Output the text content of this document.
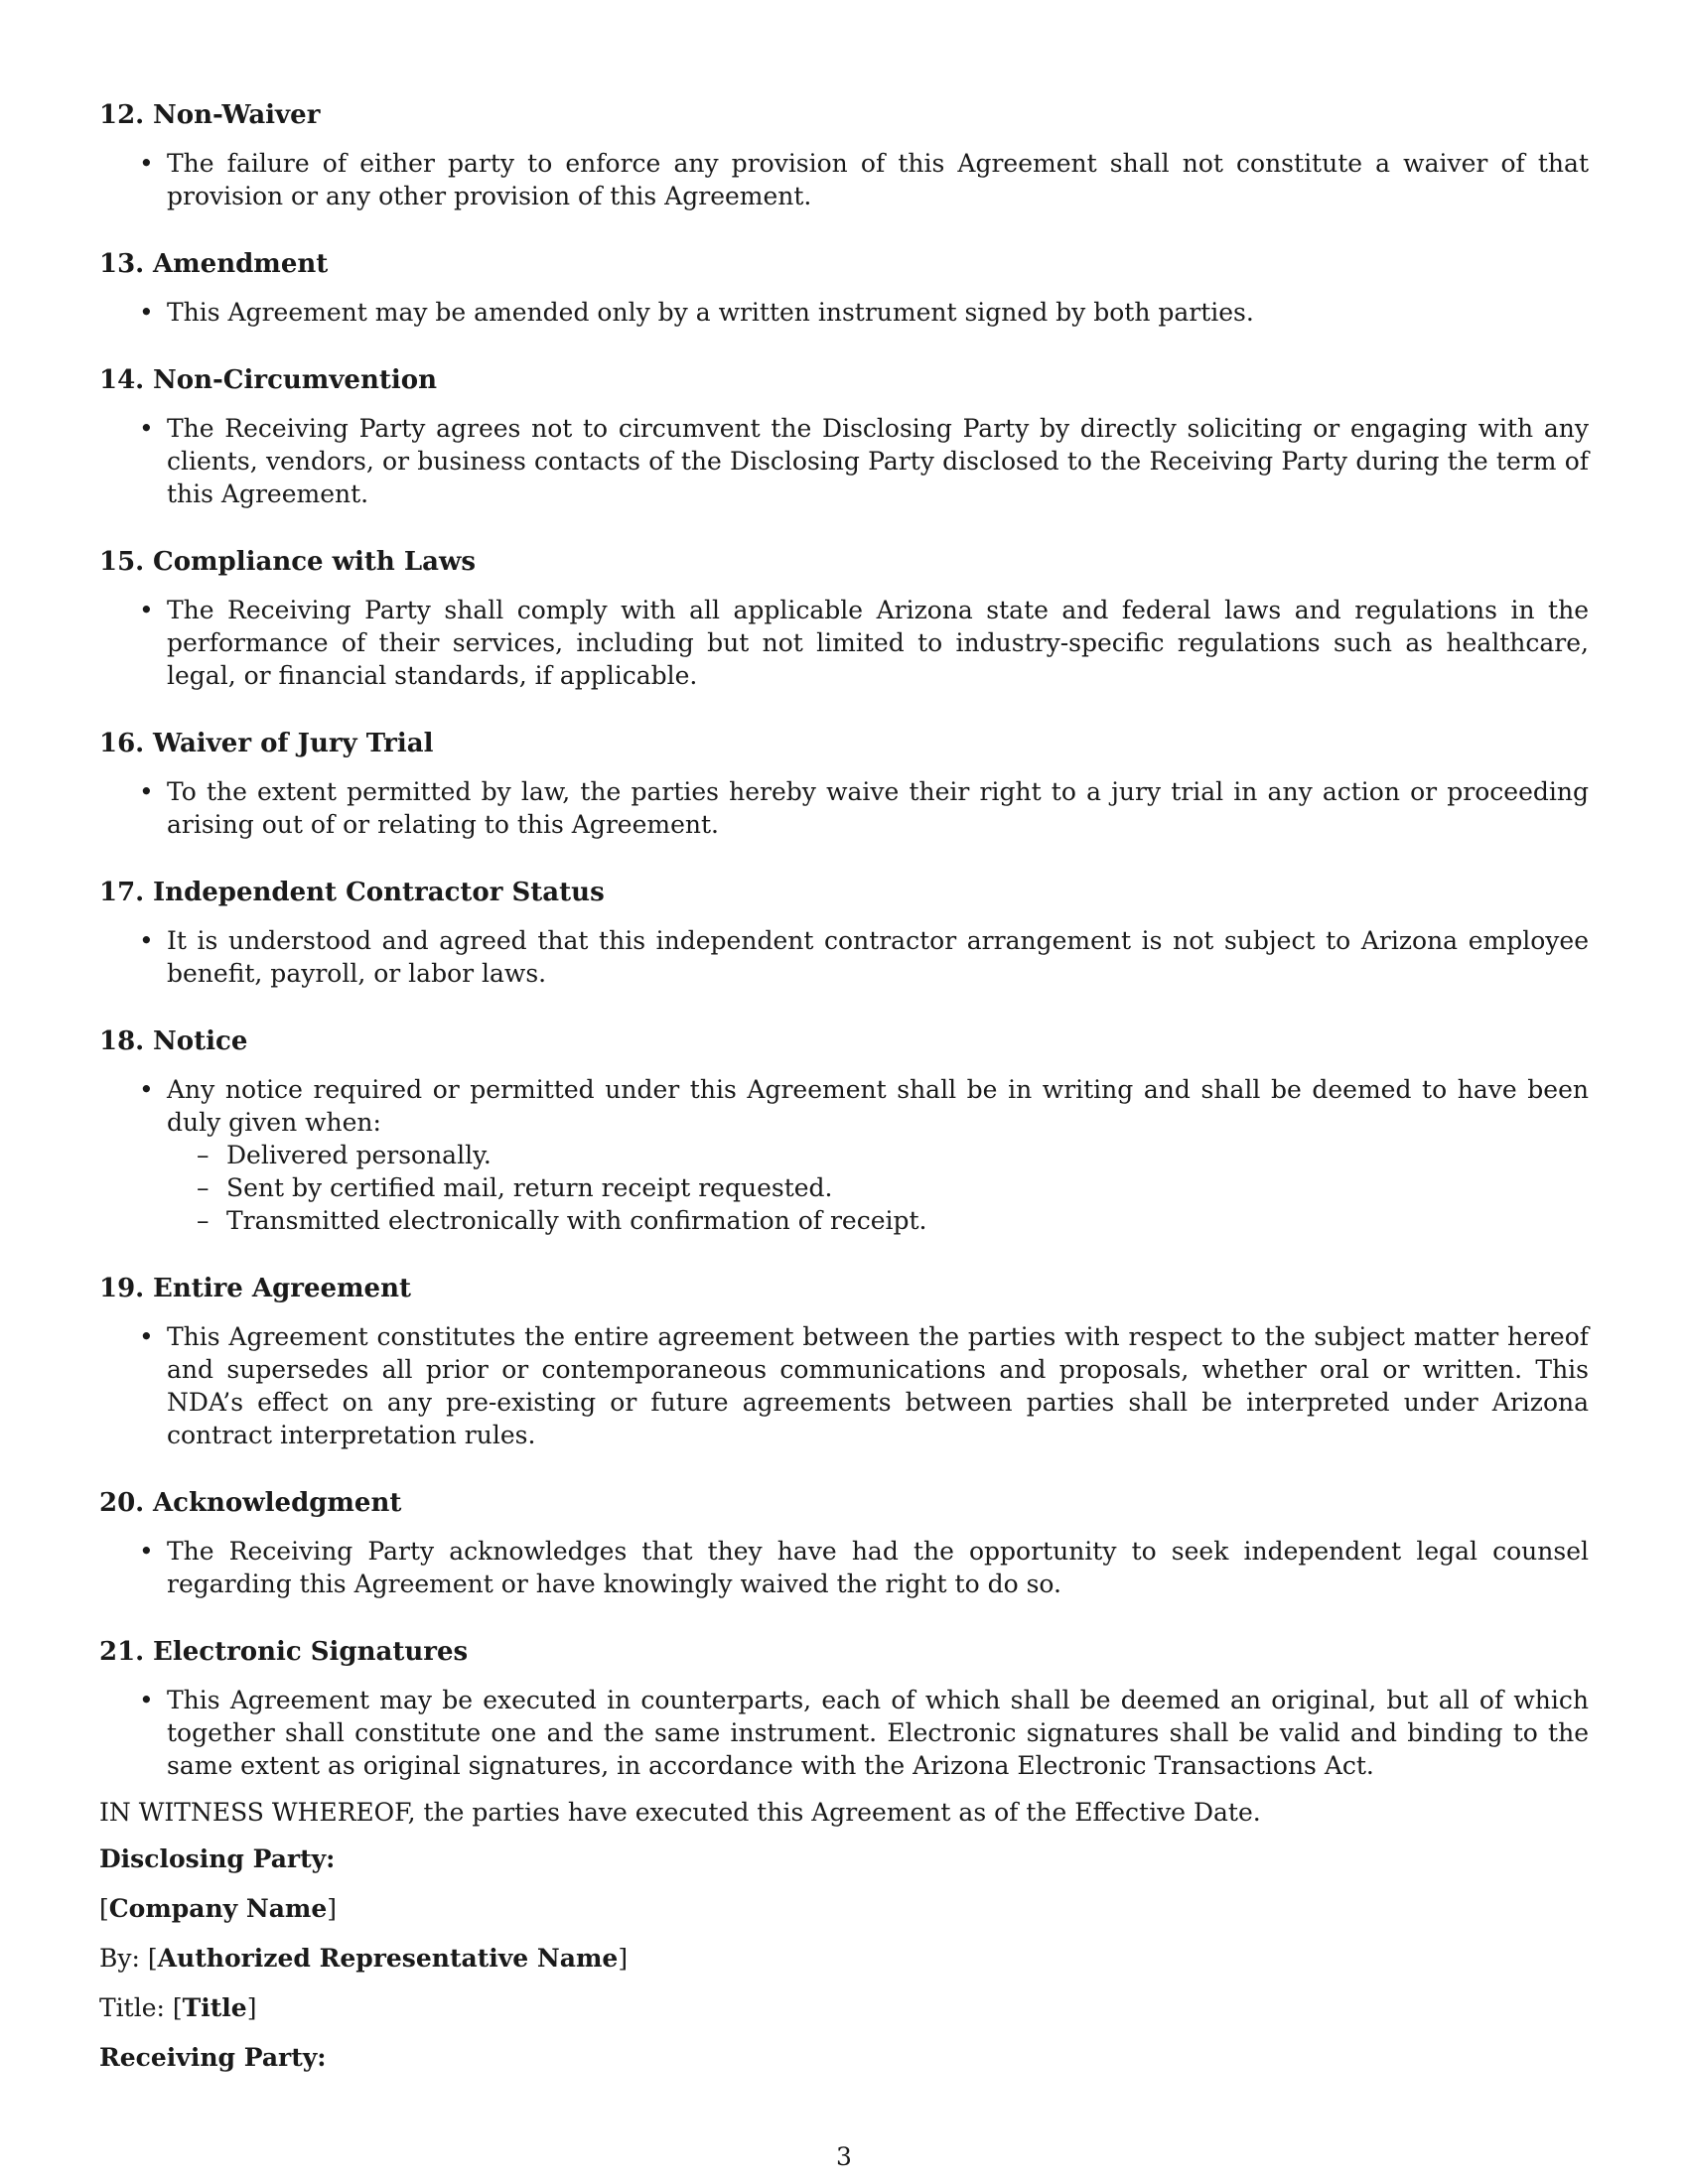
12. Non-Waiver
• The failure of either party to enforce any provision of this Agreement shall not constitute a waiver of that provision or any other provision of this Agreement.
13. Amendment
• This Agreement may be amended only by a written instrument signed by both parties.
14. Non-Circumvention
• The Receiving Party agrees not to circumvent the Disclosing Party by directly soliciting or engaging with any clients, vendors, or business contacts of the Disclosing Party disclosed to the Receiving Party during the term of this Agreement.
15. Compliance with Laws
• The Receiving Party shall comply with all applicable Arizona state and federal laws and regulations in the performance of their services, including but not limited to industry-specific regulations such as healthcare, legal, or financial standards, if applicable.
16. Waiver of Jury Trial
• To the extent permitted by law, the parties hereby waive their right to a jury trial in any action or proceeding arising out of or relating to this Agreement.
17. Independent Contractor Status
• It is understood and agreed that this independent contractor arrangement is not subject to Arizona employee benefit, payroll, or labor laws.
18. Notice
• Any notice required or permitted under this Agreement shall be in writing and shall be deemed to have been duly given when:
– Delivered personally.
– Sent by certified mail, return receipt requested.
– Transmitted electronically with confirmation of receipt.
19. Entire Agreement
• This Agreement constitutes the entire agreement between the parties with respect to the subject matter hereof and supersedes all prior or contemporaneous communications and proposals, whether oral or written. This NDA’s effect on any pre-existing or future agreements between parties shall be interpreted under Arizona contract interpretation rules.
20. Acknowledgment
• The Receiving Party acknowledges that they have had the opportunity to seek independent legal counsel regarding this Agreement or have knowingly waived the right to do so.
21. Electronic Signatures
• This Agreement may be executed in counterparts, each of which shall be deemed an original, but all of which together shall constitute one and the same instrument. Electronic signatures shall be valid and binding to the same extent as original signatures, in accordance with the Arizona Electronic Transactions Act.
IN WITNESS WHEREOF, the parties have executed this Agreement as of the Effective Date.
Disclosing Party:
[Company Name]
By: [Authorized Representative Name]
Title: [Title]
Receiving Party:
3
